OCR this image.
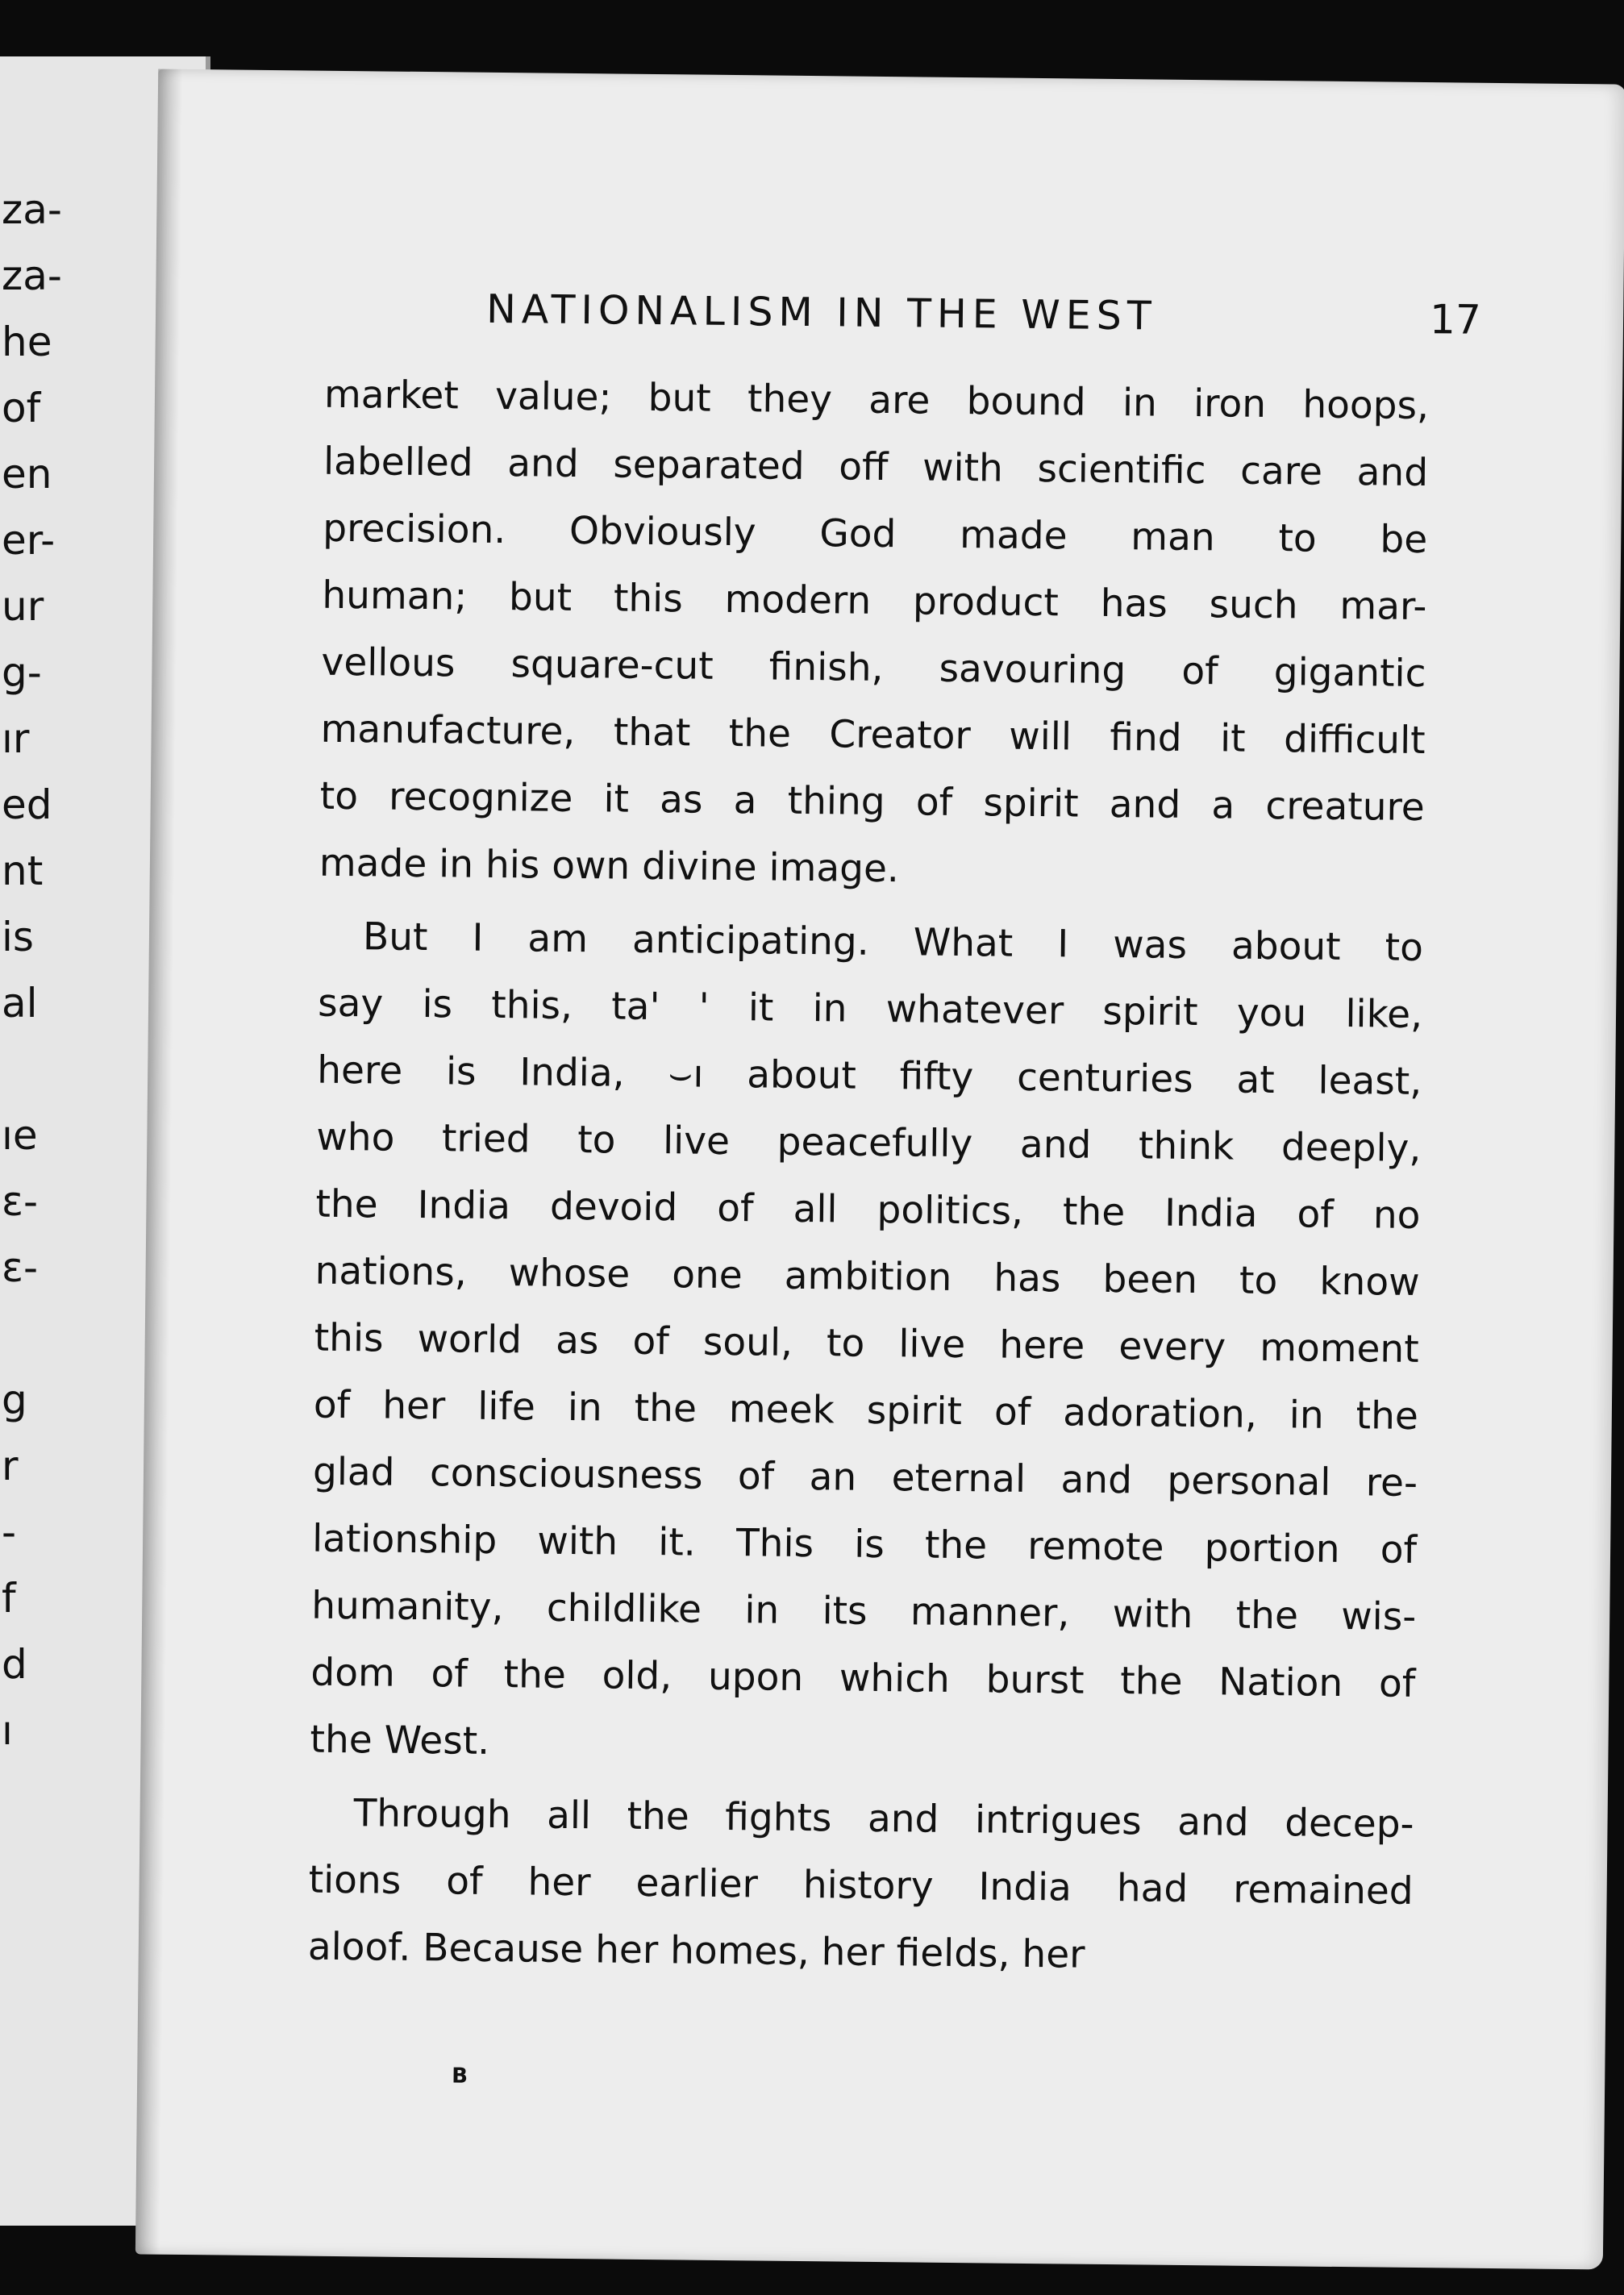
za-
za-
he
of
en
er-
ur
g-
ır
ed
nt
is
al
ıe
ɛ-
ɛ-
g
r
-
f
d
ı
NATIONALISM IN THE WEST	17
market value; but they are bound in iron hoops,
labelled and separated off with scientific care and
precision. Obviously God made man to be
human; but this modern product has such mar-
vellous square-cut finish, savouring of gigantic
manufacture, that the Creator will find it difficult
to recognize it as a thing of spirit and a creature
made in his own divine image.
But I am anticipating. What I was about to
say is this, ta' ' it in whatever spirit you like,
here is India, ⌣ı about fifty centuries at least,
who tried to live peacefully and think deeply,
the India devoid of all politics, the India of no
nations, whose one ambition has been to know
this world as of soul, to live here every moment
of her life in the meek spirit of adoration, in the
glad consciousness of an eternal and personal re-
lationship with it. This is the remote portion of
humanity, childlike in its manner, with the wis-
dom of the old, upon which burst the Nation of
the West.
Through all the fights and intrigues and decep-
tions of her earlier history India had remained
aloof. Because her homes, her fields, her
B
